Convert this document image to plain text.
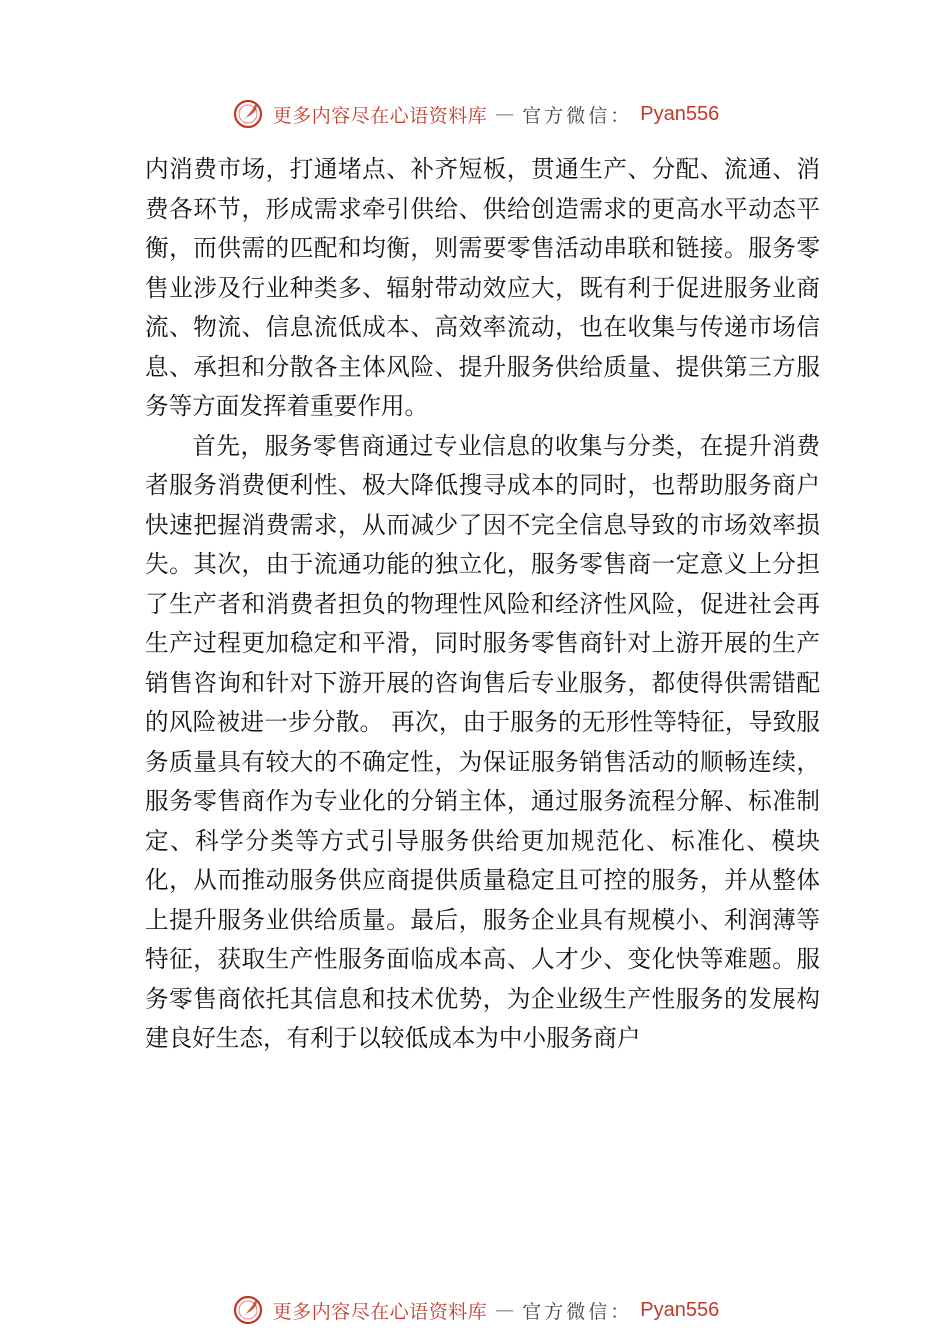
更多内容尽在心语资料库 — 官方微信： Pyan556

内消费市场，打通堵点、补齐短板，贯通生产、分配、流通、消费各环节，形成需求牵引供给、供给创造需求的更高水平动态平衡，而供需的匹配和均衡，则需要零售活动串联和链接。服务零售业涉及行业种类多、辐射带动效应大，既有利于促进服务业商流、物流、信息流低成本、高效率流动，也在收集与传递市场信息、承担和分散各主体风险、提升服务供给质量、提供第三方服务等方面发挥着重要作用。

首先，服务零售商通过专业信息的收集与分类，在提升消费者服务消费便利性、极大降低搜寻成本的同时，也帮助服务商户快速把握消费需求，从而减少了因不完全信息导致的市场效率损失。其次，由于流通功能的独立化，服务零售商一定意义上分担了生产者和消费者担负的物理性风险和经济性风险，促进社会再生产过程更加稳定和平滑，同时服务零售商针对上游开展的生产销售咨询和针对下游开展的咨询售后专业服务，都使得供需错配的风险被进一步分散。 再次，由于服务的无形性等特征，导致服务质量具有较大的不确定性，为保证服务销售活动的顺畅连续，服务零售商作为专业化的分销主体，通过服务流程分解、标准制定、科学分类等方式引导服务供给更加规范化、标准化、模块化，从而推动服务供应商提供质量稳定且可控的服务，并从整体上提升服务业供给质量。最后，服务企业具有规模小、利润薄等特征，获取生产性服务面临成本高、人才少、变化快等难题。服务零售商依托其信息和技术优势，为企业级生产性服务的发展构建良好生态，有利于以较低成本为中小服务商户

更多内容尽在心语资料库 — 官方微信： Pyan556
